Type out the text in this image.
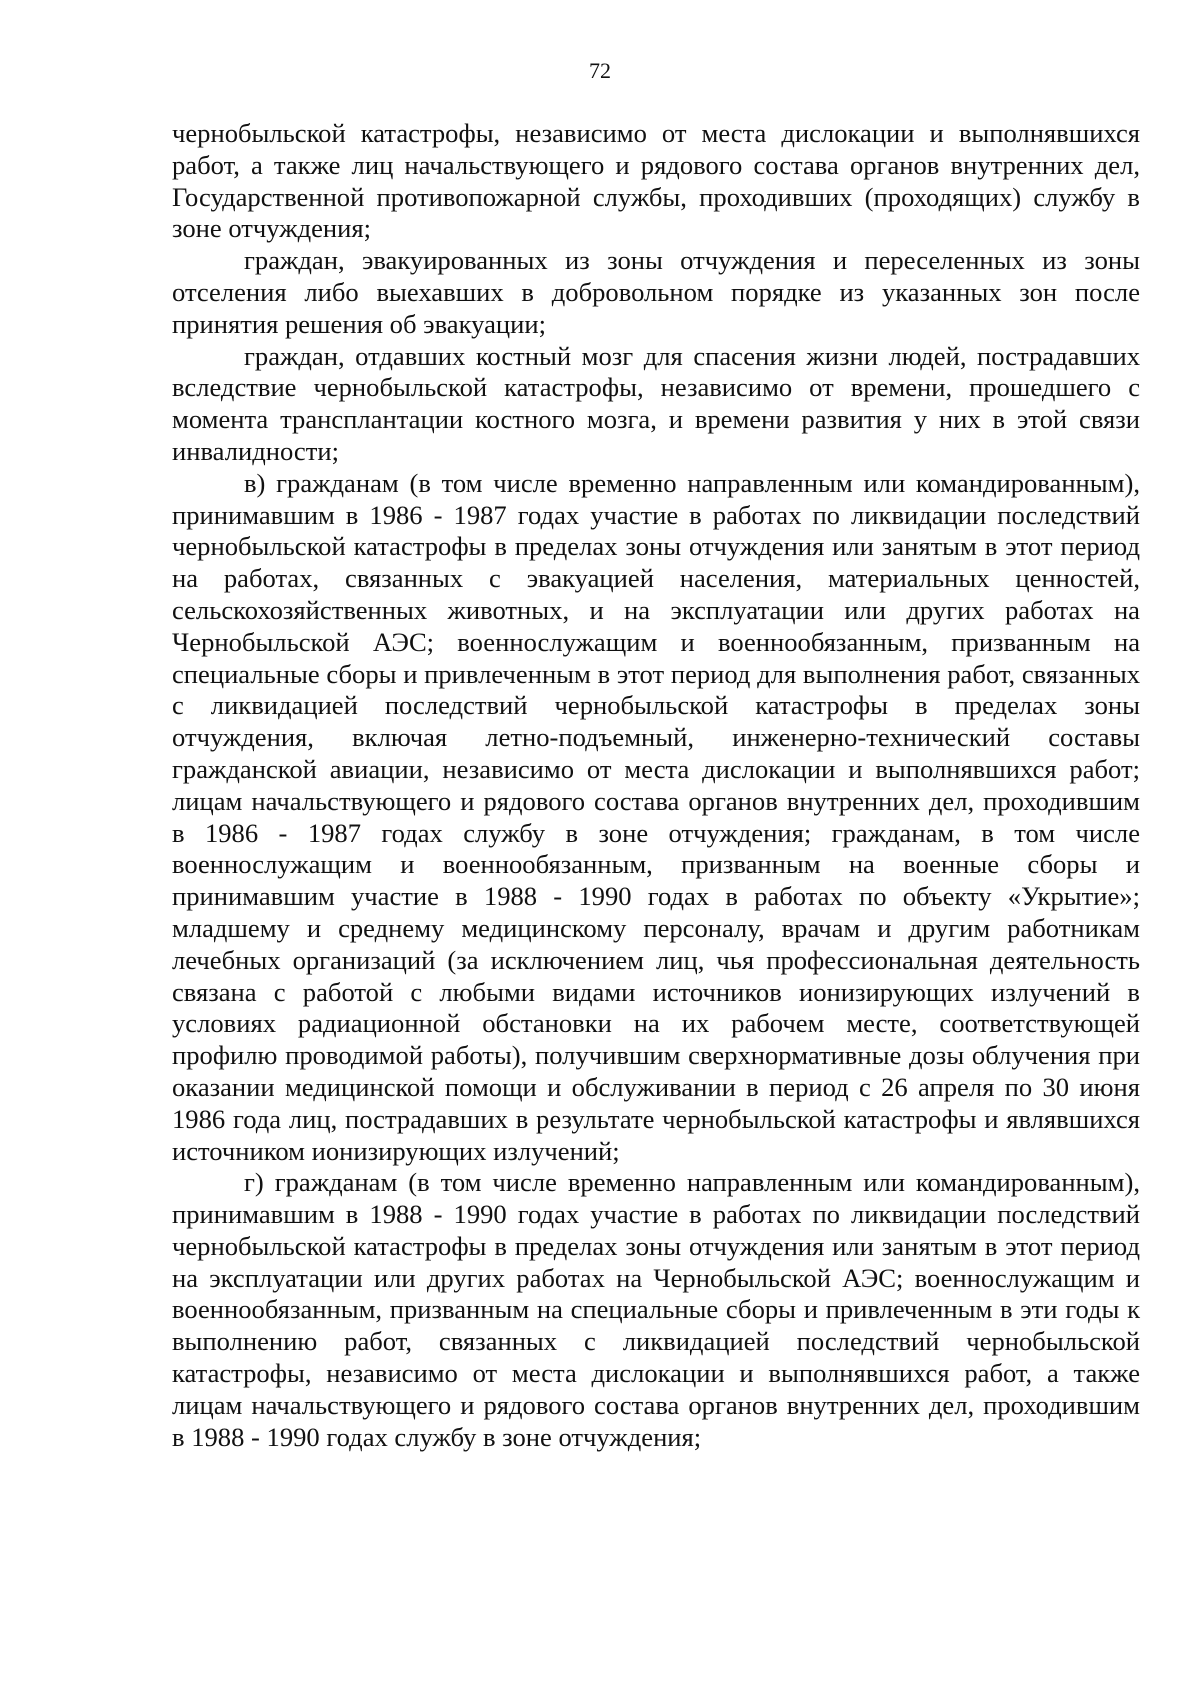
72

чернобыльской катастрофы, независимо от места дислокации и выполнявшихся работ, а также лиц начальствующего и рядового состава органов внутренних дел, Государственной противопожарной службы, проходивших (проходящих) службу в зоне отчуждения;

граждан, эвакуированных из зоны отчуждения и переселенных из зоны отселения либо выехавших в добровольном порядке из указанных зон после принятия решения об эвакуации;

граждан, отдавших костный мозг для спасения жизни людей, пострадавших вследствие чернобыльской катастрофы, независимо от времени, прошедшего с момента трансплантации костного мозга, и времени развития у них в этой связи инвалидности;

в) гражданам (в том числе временно направленным или командированным), принимавшим в 1986 - 1987 годах участие в работах по ликвидации последствий чернобыльской катастрофы в пределах зоны отчуждения или занятым в этот период на работах, связанных с эвакуацией населения, материальных ценностей, сельскохозяйственных животных, и на эксплуатации или других работах на Чернобыльской АЭС; военнослужащим и военнообязанным, призванным на специальные сборы и привлеченным в этот период для выполнения работ, связанных с ликвидацией последствий чернобыльской катастрофы в пределах зоны отчуждения, включая летно-подъемный, инженерно-технический составы гражданской авиации, независимо от места дислокации и выполнявшихся работ; лицам начальствующего и рядового состава органов внутренних дел, проходившим в 1986 - 1987 годах службу в зоне отчуждения; гражданам, в том числе военнослужащим и военнообязанным, призванным на военные сборы и принимавшим участие в 1988 - 1990 годах в работах по объекту «Укрытие»; младшему и среднему медицинскому персоналу, врачам и другим работникам лечебных организаций (за исключением лиц, чья профессиональная деятельность связана с работой с любыми видами источников ионизирующих излучений в условиях радиационной обстановки на их рабочем месте, соответствующей профилю проводимой работы), получившим сверхнормативные дозы облучения при оказании медицинской помощи и обслуживании в период с 26 апреля по 30 июня 1986 года лиц, пострадавших в результате чернобыльской катастрофы и являвшихся источником ионизирующих излучений;

г) гражданам (в том числе временно направленным или командированным), принимавшим в 1988 - 1990 годах участие в работах по ликвидации последствий чернобыльской катастрофы в пределах зоны отчуждения или занятым в этот период на эксплуатации или других работах на Чернобыльской АЭС; военнослужащим и военнообязанным, призванным на специальные сборы и привлеченным в эти годы к выполнению работ, связанных с ликвидацией последствий чернобыльской катастрофы, независимо от места дислокации и выполнявшихся работ, а также лицам начальствующего и рядового состава органов внутренних дел, проходившим в 1988 - 1990 годах службу в зоне отчуждения;
